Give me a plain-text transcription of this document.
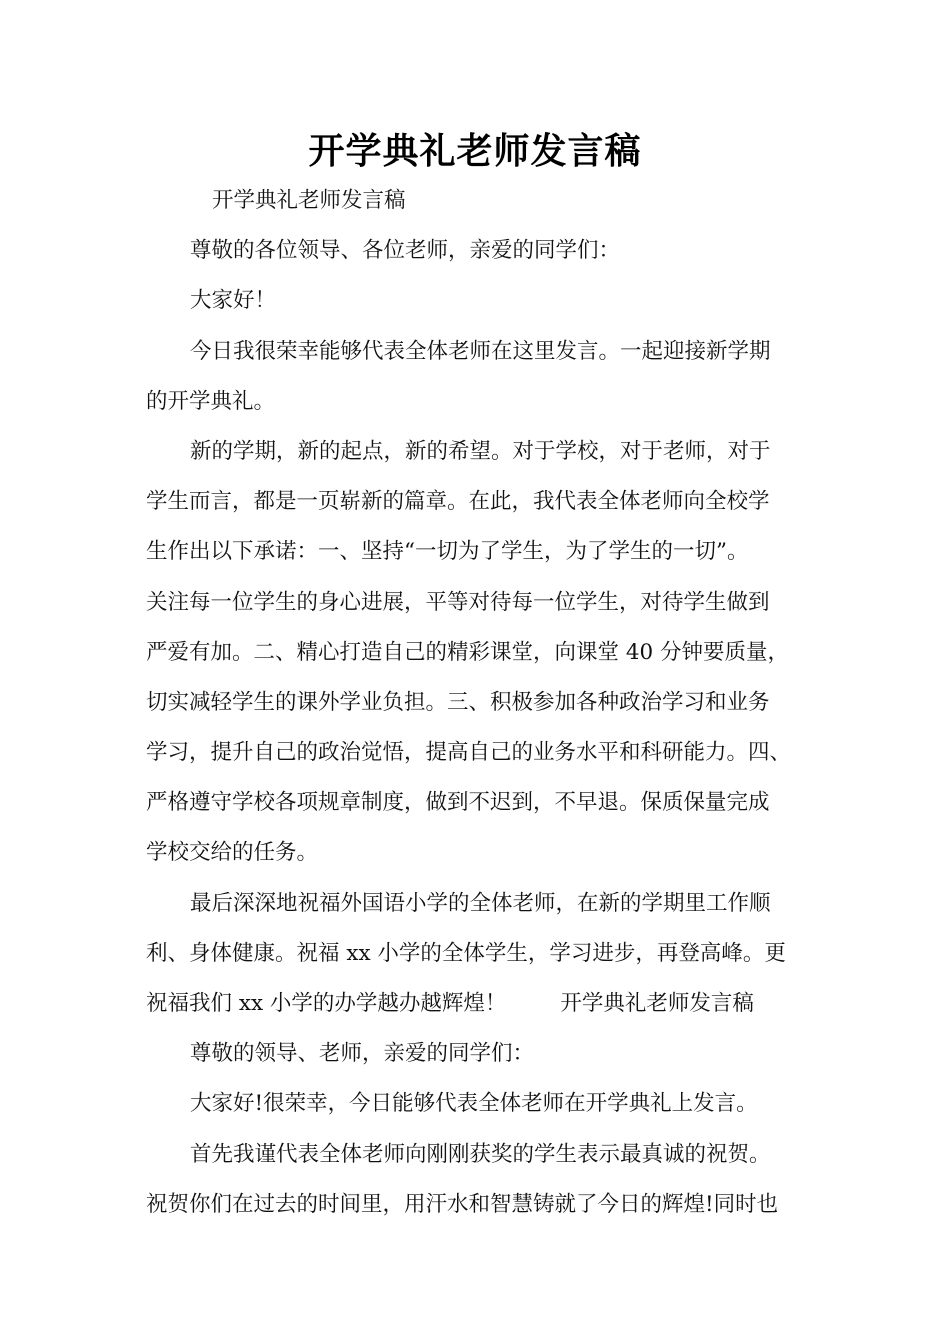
开学典礼老师发言稿
开学典礼老师发言稿
尊敬的各位领导、各位老师，亲爱的同学们：
大家好！
今日我很荣幸能够代表全体老师在这里发言。一起迎接新学期
的开学典礼。
新的学期，新的起点，新的希望。对于学校，对于老师，对于
学生而言，都是一页崭新的篇章。在此，我代表全体老师向全校学
生作出以下承诺：一、坚持“一切为了学生，为了学生的一切”。
关注每一位学生的身心进展，平等对待每一位学生，对待学生做到
严爱有加。二、精心打造自己的精彩课堂，向课堂 40 分钟要质量，
切实减轻学生的课外学业负担。三、积极参加各种政治学习和业务
学习，提升自己的政治觉悟，提高自己的业务水平和科研能力。四、
严格遵守学校各项规章制度，做到不迟到，不早退。保质保量完成
学校交给的任务。
最后深深地祝福外国语小学的全体老师，在新的学期里工作顺
利、身体健康。祝福 xx 小学的全体学生，学习进步，再登高峰。更
祝福我们 xx 小学的办学越办越辉煌！	开学典礼老师发言稿
尊敬的领导、老师，亲爱的同学们：
大家好!很荣幸，今日能够代表全体老师在开学典礼上发言。
首先我谨代表全体老师向刚刚获奖的学生表示最真诚的祝贺。
祝贺你们在过去的时间里，用汗水和智慧铸就了今日的辉煌!同时也
